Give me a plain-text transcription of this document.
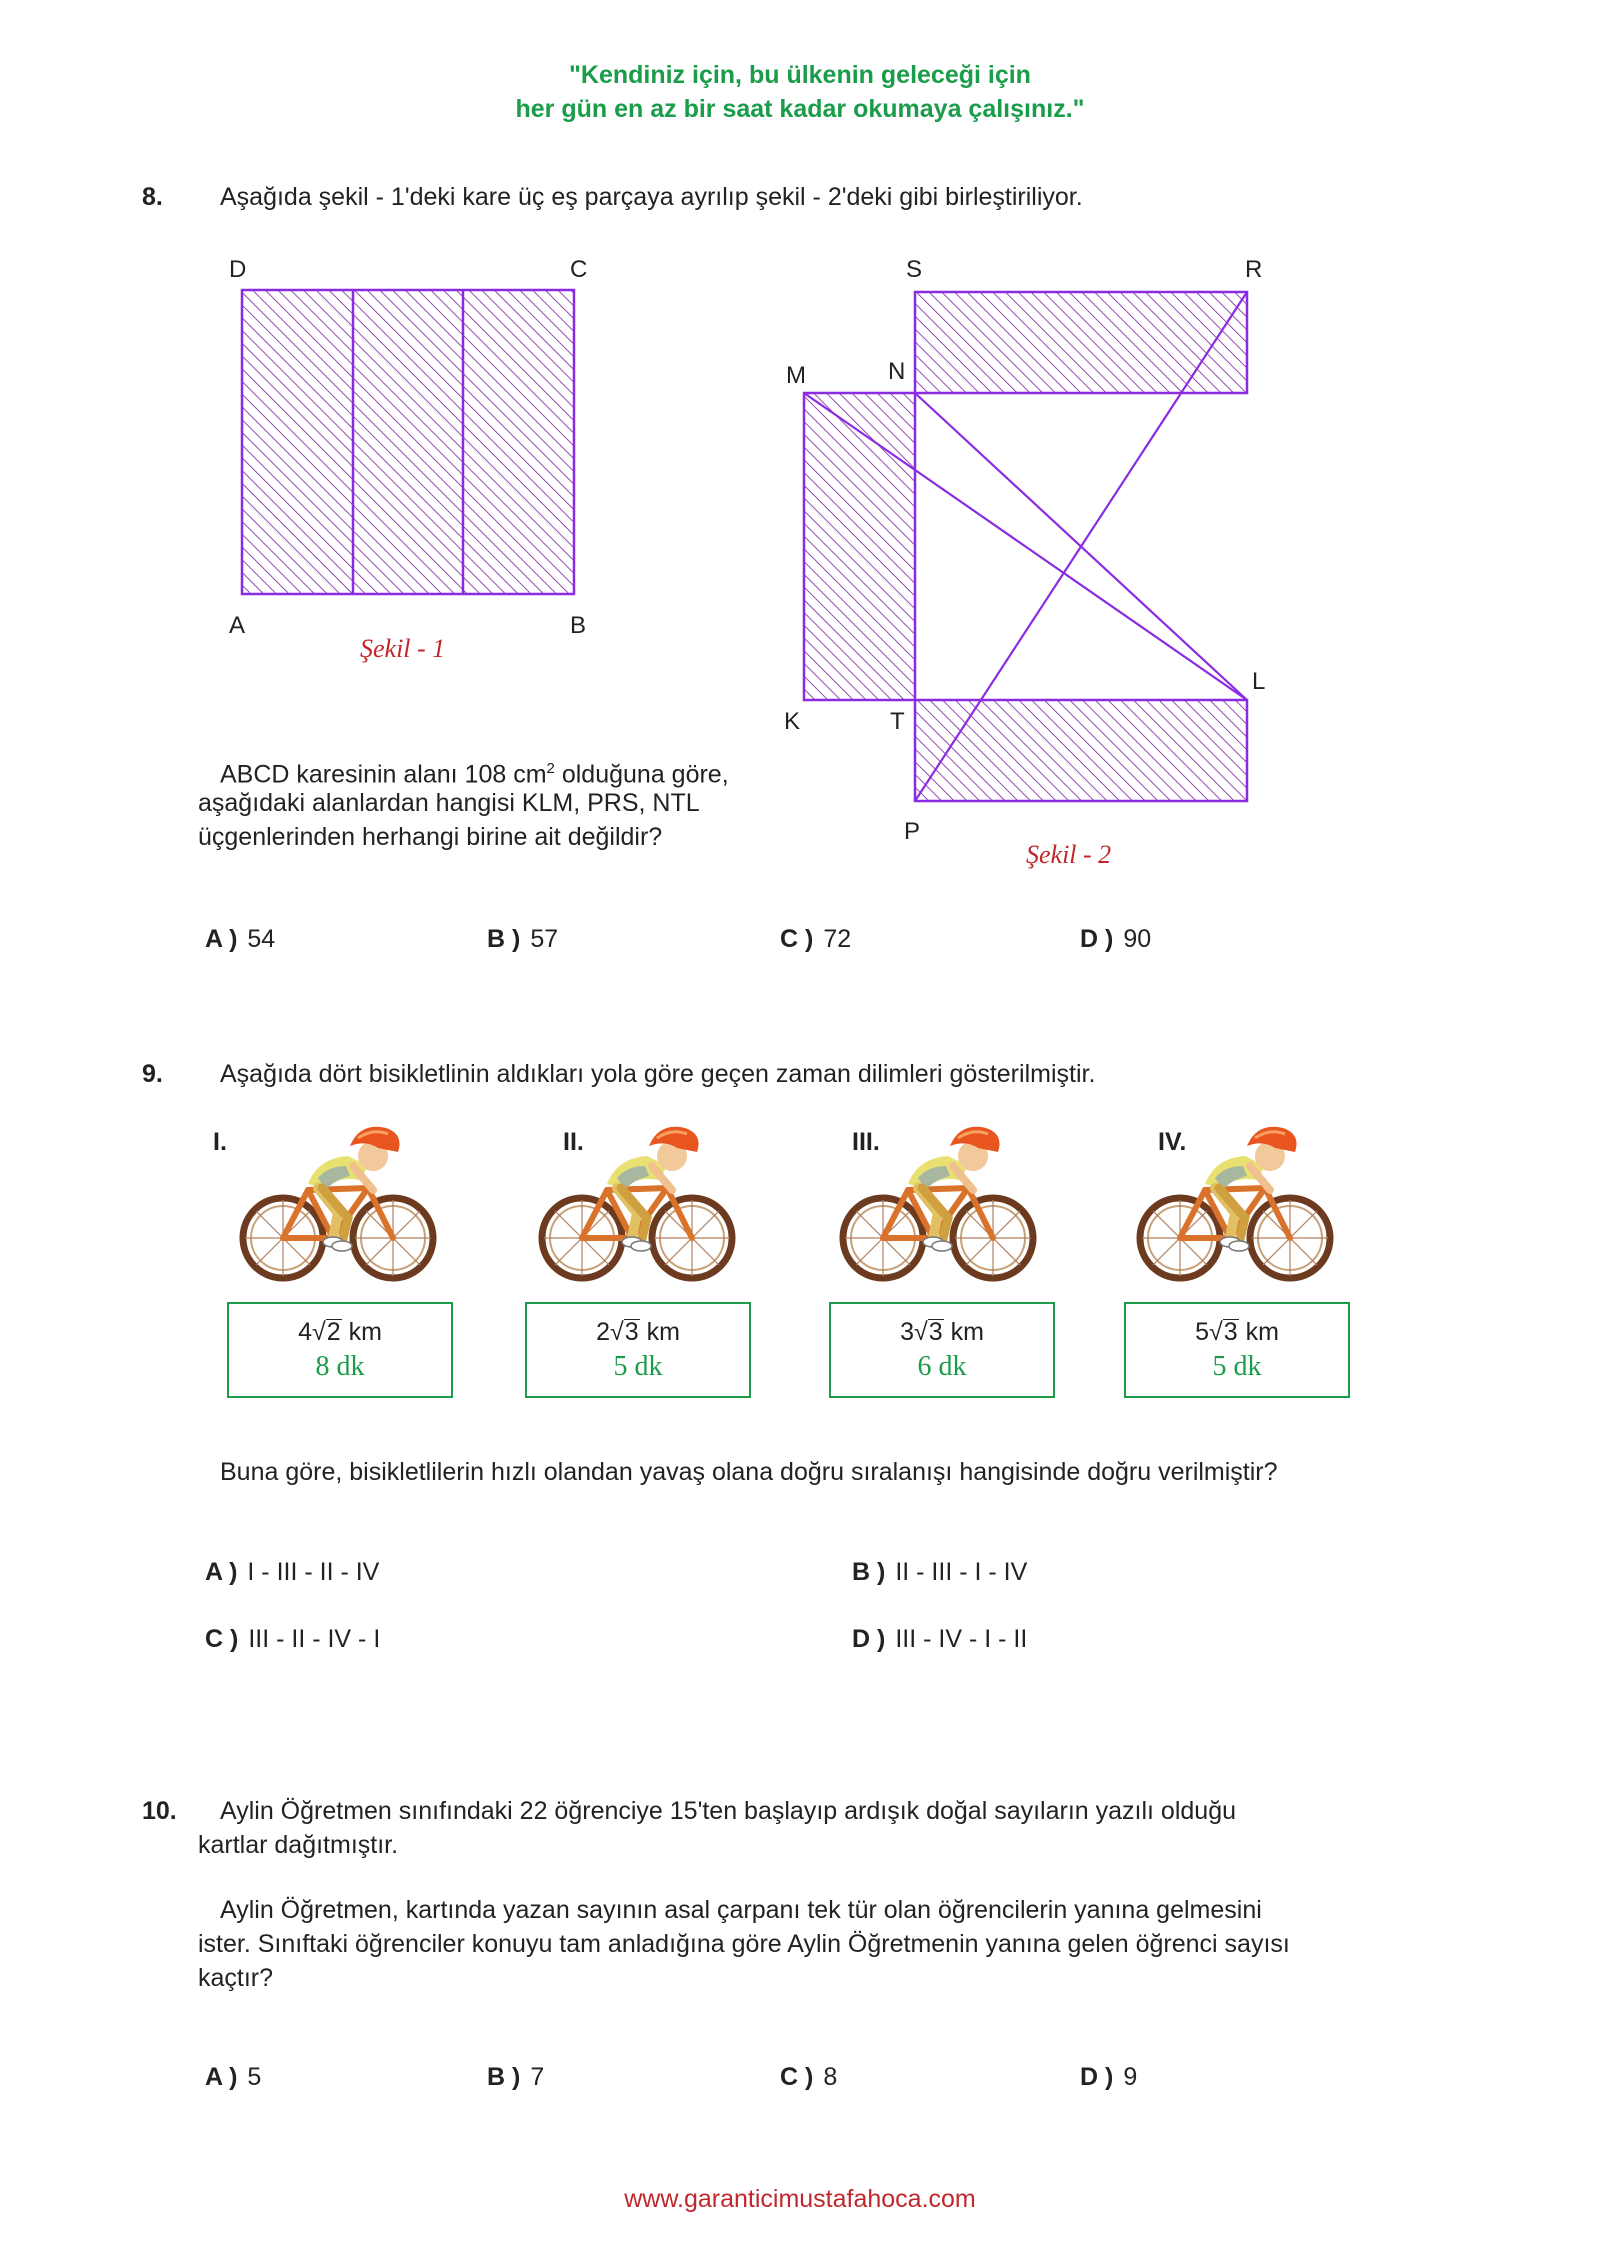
"Kendiniz için, bu ülkenin geleceği için
her gün en az bir saat kadar okumaya çalışınız."
8. Aşağıda şekil - 1'deki kare üç eş parçaya ayrılıp şekil - 2'deki gibi birleştiriliyor.
D	C
A	B
Şekil - 1
S	R
M	N
L
K	T
P
Şekil - 2
ABCD karesinin alanı 108 $cm^2$ olduğuna göre,
aşağıdaki alanlardan hangisi KLM, PRS, NTL
üçgenlerinden herhangi birine ait değildir?
A ) 54	B ) 57	C ) 72	D ) 90
9. Aşağıda dört bisikletlinin aldıkları yola göre geçen zaman dilimleri gösterilmiştir.
I.
4√2 km
8 dk
II.
2√3 km
5 dk
III.
3√3 km
6 dk
IV.
5√3 km
5 dk
Buna göre, bisikletlilerin hızlı olandan yavaş olana doğru sıralanışı hangisinde doğru verilmiştir?
A ) I - III - II - IV	B ) II - III - I - IV
C ) III - II - IV - I	D ) III - IV - I - II
10. Aylin Öğretmen sınıfındaki 22 öğrenciye 15'ten başlayıp ardışık doğal sayıların yazılı olduğu
kartlar dağıtmıştır.
Aylin Öğretmen, kartında yazan sayının asal çarpanı tek tür olan öğrencilerin yanına gelmesini
ister. Sınıftaki öğrenciler konuyu tam anladığına göre Aylin Öğretmenin yanına gelen öğrenci sayısı
kaçtır?
A ) 5	B ) 7	C ) 8	D ) 9
www.garanticimustafahoca.com
